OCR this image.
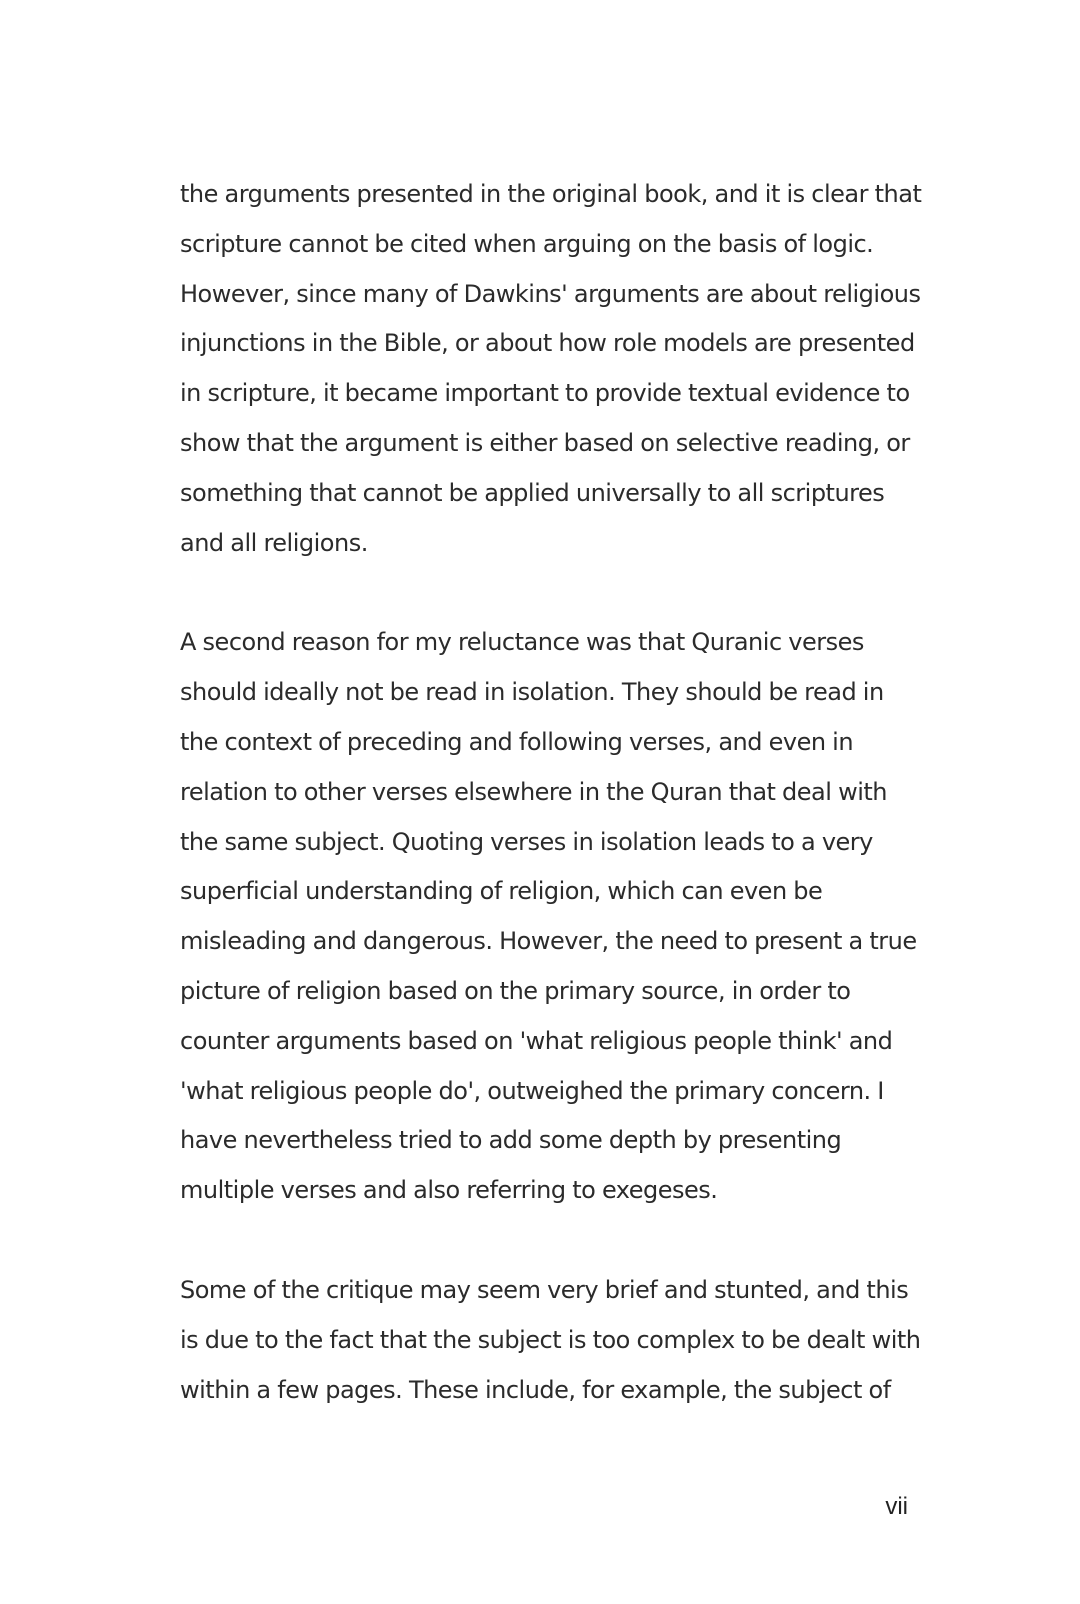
the arguments presented in the original book, and it is clear that
scripture cannot be cited when arguing on the basis of logic.
However, since many of Dawkins' arguments are about religious
injunctions in the Bible, or about how role models are presented
in scripture, it became important to provide textual evidence to
show that the argument is either based on selective reading, or
something that cannot be applied universally to all scriptures
and all religions.

A second reason for my reluctance was that Quranic verses
should ideally not be read in isolation. They should be read in
the context of preceding and following verses, and even in
relation to other verses elsewhere in the Quran that deal with
the same subject. Quoting verses in isolation leads to a very
superficial understanding of religion, which can even be
misleading and dangerous. However, the need to present a true
picture of religion based on the primary source, in order to
counter arguments based on 'what religious people think' and
'what religious people do', outweighed the primary concern. I
have nevertheless tried to add some depth by presenting
multiple verses and also referring to exegeses.

Some of the critique may seem very brief and stunted, and this
is due to the fact that the subject is too complex to be dealt with
within a few pages. These include, for example, the subject of

vii
